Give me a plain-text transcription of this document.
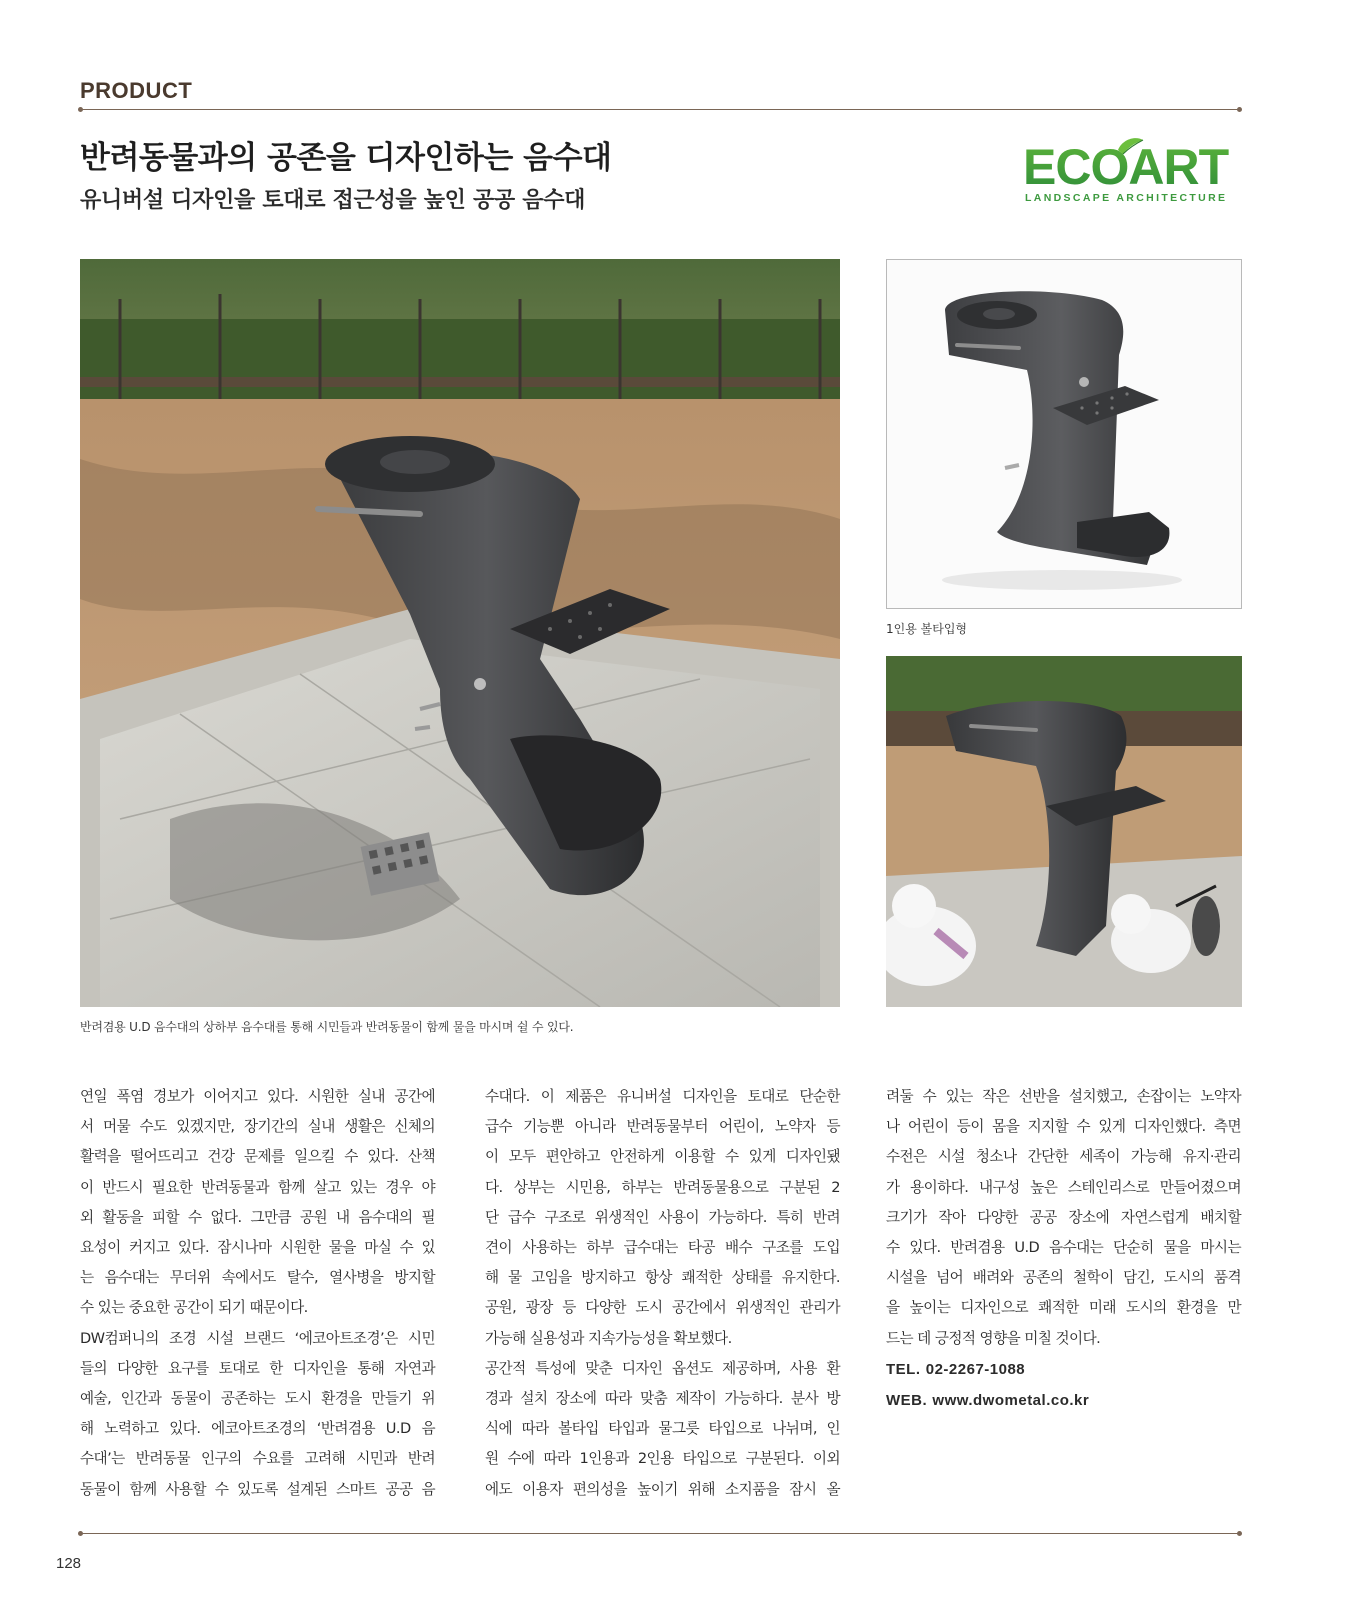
PRODUCT
반려동물과의 공존을 디자인하는 음수대
유니버설 디자인을 토대로 접근성을 높인 공공 음수대
ECOART
LANDSCAPE ARCHITECTURE
반려겸용 U.D 음수대의 상하부 음수대를 통해 시민들과 반려동물이 함께 물을 마시며 쉴 수 있다.
1인용 볼타입형
연일 폭염 경보가 이어지고 있다. 시원한 실내 공간에
서 머물 수도 있겠지만, 장기간의 실내 생활은 신체의
활력을 떨어뜨리고 건강 문제를 일으킬 수 있다. 산책
이 반드시 필요한 반려동물과 함께 살고 있는 경우 야
외 활동을 피할 수 없다. 그만큼 공원 내 음수대의 필
요성이 커지고 있다. 잠시나마 시원한 물을 마실 수 있
는 음수대는 무더위 속에서도 탈수, 열사병을 방지할
수 있는 중요한 공간이 되기 때문이다.
DW컴퍼니의 조경 시설 브랜드 ‘에코아트조경’은 시민
들의 다양한 요구를 토대로 한 디자인을 통해 자연과
예술, 인간과 동물이 공존하는 도시 환경을 만들기 위
해 노력하고 있다. 에코아트조경의 ‘반려겸용 U.D 음
수대’는 반려동물 인구의 수요를 고려해 시민과 반려
동물이 함께 사용할 수 있도록 설계된 스마트 공공 음
수대다. 이 제품은 유니버설 디자인을 토대로 단순한
급수 기능뿐 아니라 반려동물부터 어린이, 노약자 등
이 모두 편안하고 안전하게 이용할 수 있게 디자인됐
다. 상부는 시민용, 하부는 반려동물용으로 구분된 2
단 급수 구조로 위생적인 사용이 가능하다. 특히 반려
견이 사용하는 하부 급수대는 타공 배수 구조를 도입
해 물 고임을 방지하고 항상 쾌적한 상태를 유지한다.
공원, 광장 등 다양한 도시 공간에서 위생적인 관리가
가능해 실용성과 지속가능성을 확보했다.
공간적 특성에 맞춘 디자인 옵션도 제공하며, 사용 환
경과 설치 장소에 따라 맞춤 제작이 가능하다. 분사 방
식에 따라 볼타입 타입과 물그릇 타입으로 나뉘며, 인
원 수에 따라 1인용과 2인용 타입으로 구분된다. 이외
에도 이용자 편의성을 높이기 위해 소지품을 잠시 올
려둘 수 있는 작은 선반을 설치했고, 손잡이는 노약자
나 어린이 등이 몸을 지지할 수 있게 디자인했다. 측면
수전은 시설 청소나 간단한 세족이 가능해 유지·관리
가 용이하다. 내구성 높은 스테인리스로 만들어졌으며
크기가 작아 다양한 공공 장소에 자연스럽게 배치할
수 있다. 반려겸용 U.D 음수대는 단순히 물을 마시는
시설을 넘어 배려와 공존의 철학이 담긴, 도시의 품격
을 높이는 디자인으로 쾌적한 미래 도시의 환경을 만
드는 데 긍정적 영향을 미칠 것이다.
TEL. 02-2267-1088
WEB. www.dwometal.co.kr
128
